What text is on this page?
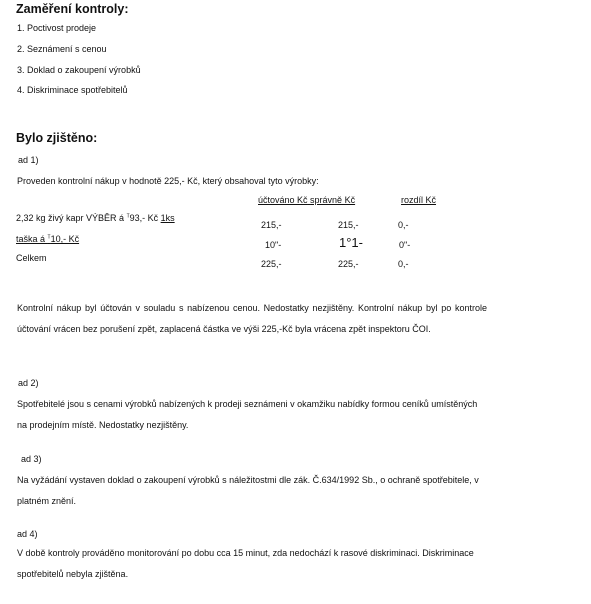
Zaměření kontroly:
1. Poctivost prodeje
2. Seznámení s cenou
3. Doklad o zakoupení výrobků
4. Diskriminace spotřebitelů
Bylo zjištěno:
ad 1)
Proveden kontrolní nákup v hodnotě 225,- Kč, který obsahoval tyto výrobky:
účtováno Kč správně Kč	rozdíl Kč
2,32 kg živý kapr VÝBĚR á $^ᵀ$93,- Kč 1ks
215,-	215,-	0,-
taška á $^ᵀ$10,- Kč
10"-	1°1-	0"-
Celkem
225,-	225,-	0,-
Kontrolní nákup byl účtován v souladu s nabízenou cenou. Nedostatky nezjištěny. Kontrolní nákup byl po kontrole účtování vrácen bez porušení zpět, zaplacená částka ve výši 225,-Kč byla vrácena zpět inspektoru ČOI.
ad 2)
Spotřebitelé jsou s cenami výrobků nabízených k prodeji seznámeni v okamžiku nabídky formou ceníků umístěných na prodejním místě. Nedostatky nezjištěny.
ad 3)
Na vyžádání vystaven doklad o zakoupení výrobků s náležitostmi dle zák. Č.634/1992 Sb., o ochraně spotřebitele, v platném znění.
ad 4)
V době kontroly prováděno monitorování po dobu cca 15 minut, zda nedochází k rasové diskriminaci. Diskriminace spotřebitelů nebyla zjištěna.
